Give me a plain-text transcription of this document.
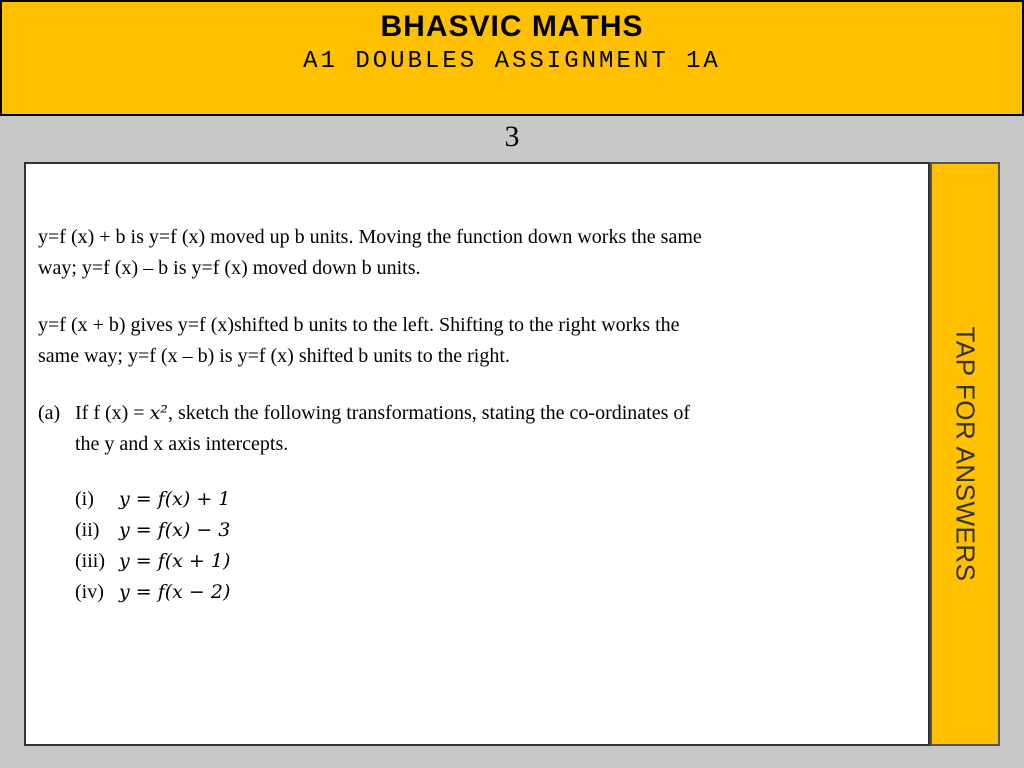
BHASVIC MΑTHS
A1 DOUBLES ASSIGNMENT 1A
3

y=f (x) + b is y=f (x) moved up b units. Moving the function down works the same

way; y=f (x) – b is y=f (x) moved down b units.

y=f (x + b) gives y=f (x)shifted b units to the left. Shifting to the right works the

same way; y=f (x – b) is y=f (x) shifted b units to the right.

(a) If f (x) = x², sketch the following transformations, stating the co-ordinates of

the y and x axis intercepts.

(i)	y = f(x) + 1
(ii)	y = f(x) − 3
(iii) y = f(x + 1)
(iv) y = f(x − 2)
TAP FOR ANSWERS
